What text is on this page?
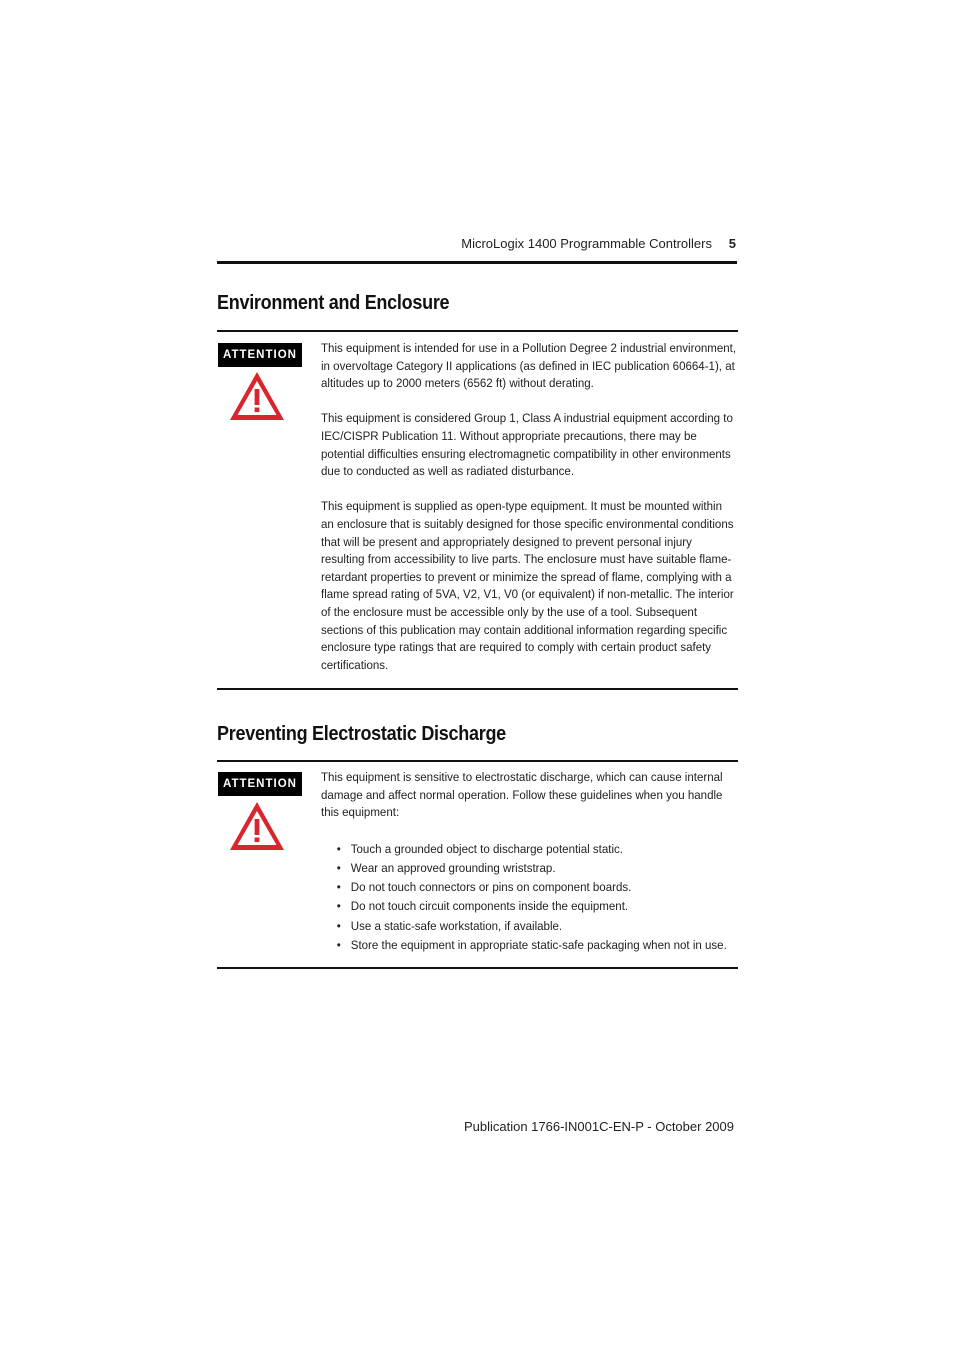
MicroLogix 1400 Programmable Controllers 5
Environment and Enclosure
ATTENTION	This equipment is intended for use in a Pollution Degree 2 industrial environment, in overvoltage Category II applications (as defined in IEC publication 60664-1), at altitudes up to 2000 meters (6562 ft) without derating.

This equipment is considered Group 1, Class A industrial equipment according to IEC/CISPR Publication 11. Without appropriate precautions, there may be potential difficulties ensuring electromagnetic compatibility in other environments due to conducted as well as radiated disturbance.

This equipment is supplied as open-type equipment. It must be mounted within an enclosure that is suitably designed for those specific environmental conditions that will be present and appropriately designed to prevent personal injury resulting from accessibility to live parts. The enclosure must have suitable flame-retardant properties to prevent or minimize the spread of flame, complying with a flame spread rating of 5VA, V2, V1, V0 (or equivalent) if non-metallic. The interior of the enclosure must be accessible only by the use of a tool. Subsequent sections of this publication may contain additional information regarding specific enclosure type ratings that are required to comply with certain product safety certifications.

Preventing Electrostatic Discharge
ATTENTION	This equipment is sensitive to electrostatic discharge, which can cause internal damage and affect normal operation. Follow these guidelines when you handle this equipment:

• Touch a grounded object to discharge potential static.
• Wear an approved grounding wriststrap.
• Do not touch connectors or pins on component boards.
• Do not touch circuit components inside the equipment.
• Use a static-safe workstation, if available.
• Store the equipment in appropriate static-safe packaging when not in use.
Publication 1766-IN001C-EN-P - October 2009
